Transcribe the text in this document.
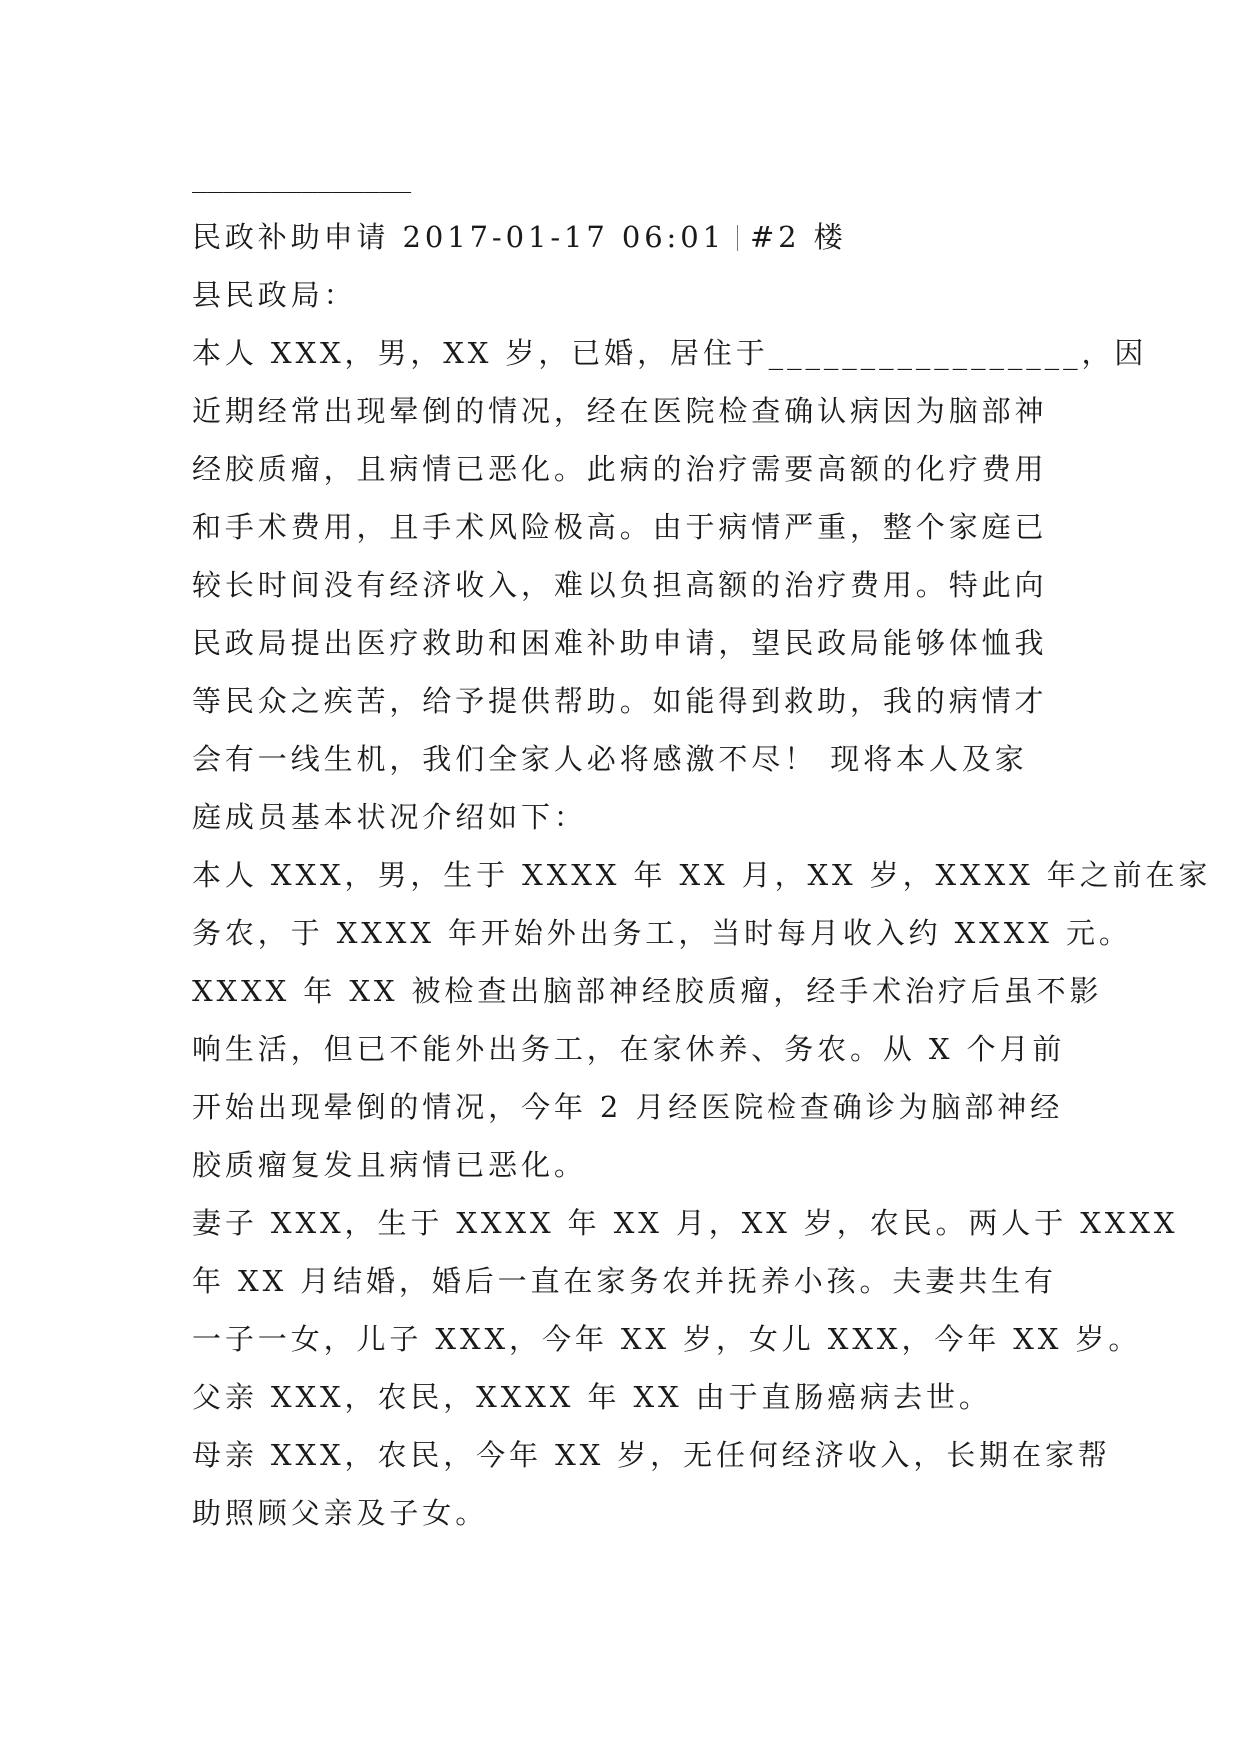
______________
民政补助申请 2017-01-17 06:01 #2 楼
县民政局：
本人 XXX，男，XX 岁，已婚，居住于_________________，因
近期经常出现晕倒的情况，经在医院检查确认病因为脑部神
经胶质瘤，且病情已恶化。此病的治疗需要高额的化疗费用
和手术费用，且手术风险极高。由于病情严重，整个家庭已
较长时间没有经济收入，难以负担高额的治疗费用。特此向
民政局提出医疗救助和困难补助申请，望民政局能够体恤我
等民众之疾苦，给予提供帮助。如能得到救助，我的病情才
会有一线生机，我们全家人必将感激不尽！ 现将本人及家
庭成员基本状况介绍如下：
本人 XXX，男，生于 XXXX 年 XX 月，XX 岁，XXXX 年之前在家
务农，于 XXXX 年开始外出务工，当时每月收入约 XXXX 元。
XXXX 年 XX 被检查出脑部神经胶质瘤，经手术治疗后虽不影
响生活，但已不能外出务工，在家休养、务农。从 X 个月前
开始出现晕倒的情况，今年 2 月经医院检查确诊为脑部神经
胶质瘤复发且病情已恶化。
妻子 XXX，生于 XXXX 年 XX 月，XX 岁，农民。两人于 XXXX
年 XX 月结婚，婚后一直在家务农并抚养小孩。夫妻共生有
一子一女，儿子 XXX，今年 XX 岁，女儿 XXX，今年 XX 岁。
父亲 XXX，农民，XXXX 年 XX 由于直肠癌病去世。
母亲 XXX，农民，今年 XX 岁，无任何经济收入，长期在家帮
助照顾父亲及子女。
